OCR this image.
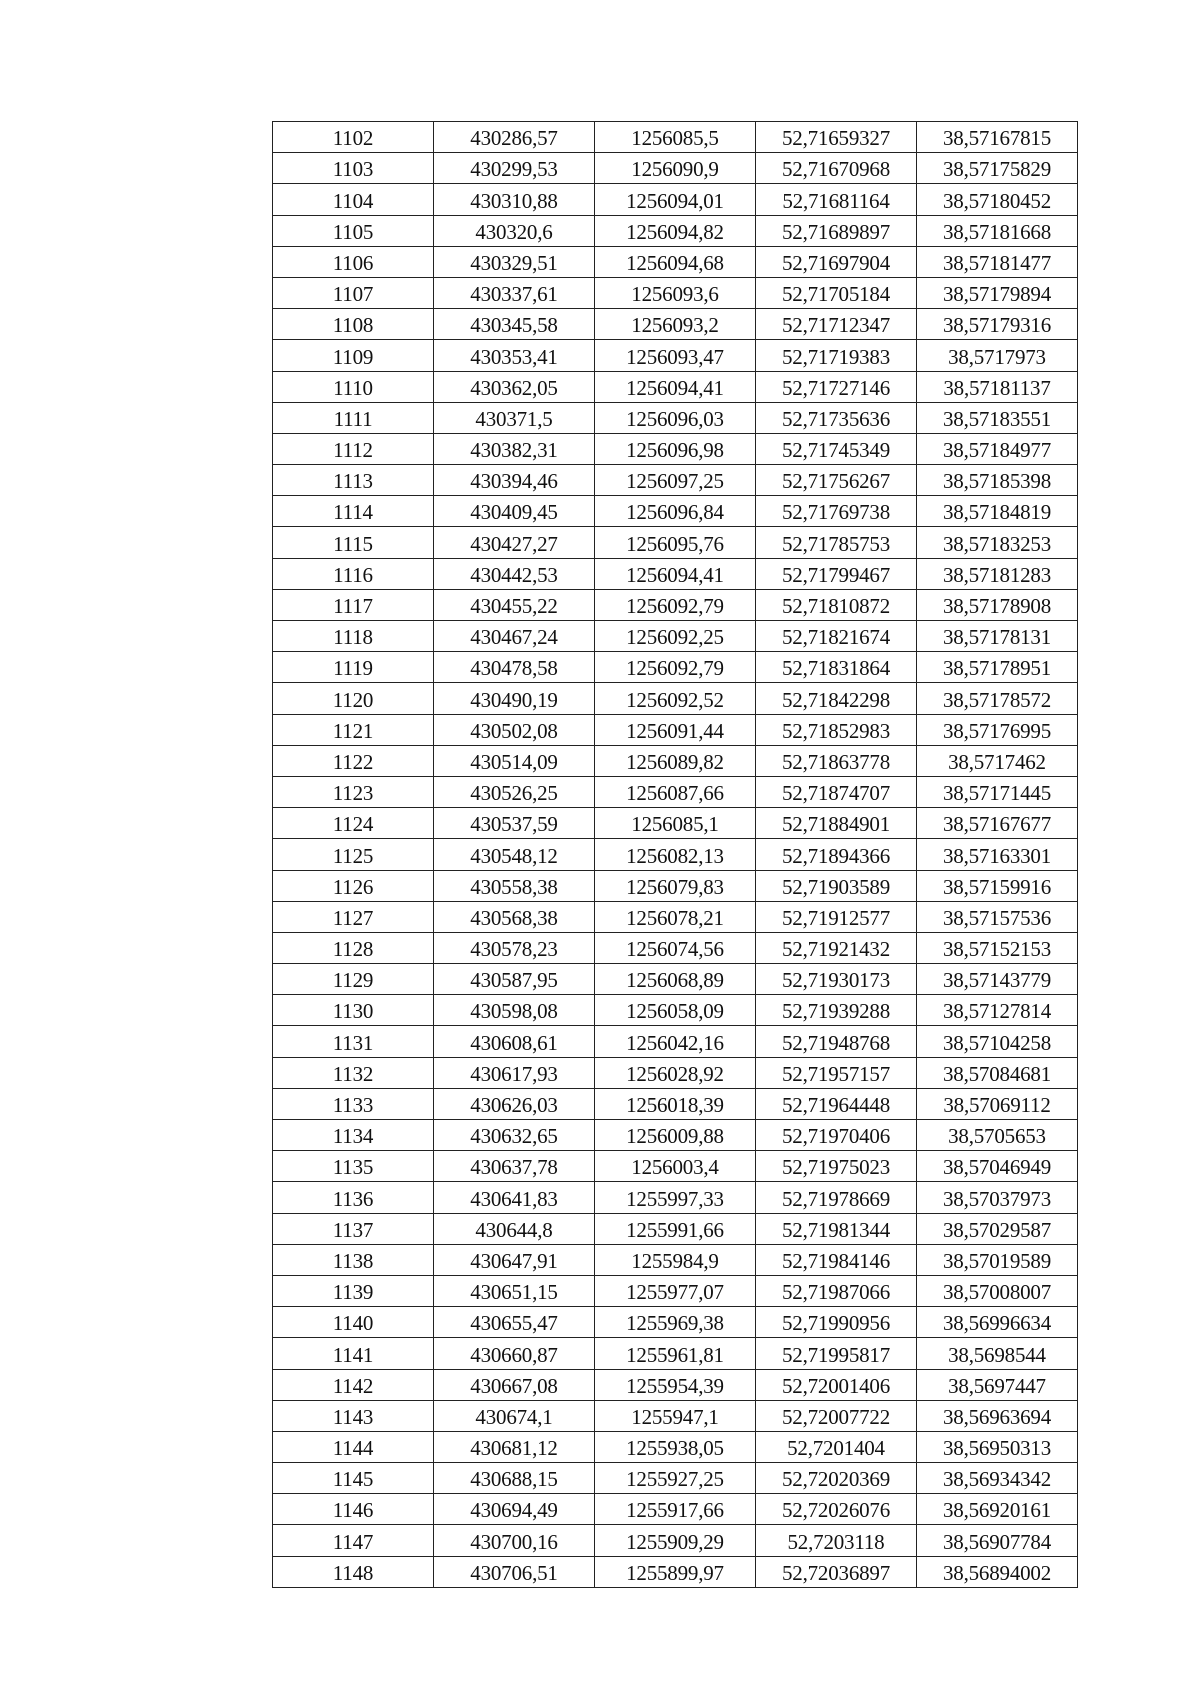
1102	430286,57	1256085,5	52,71659327	38,57167815
1103	430299,53	1256090,9	52,71670968	38,57175829
1104	430310,88	1256094,01	52,71681164	38,57180452
1105	430320,6	1256094,82	52,71689897	38,57181668
1106	430329,51	1256094,68	52,71697904	38,57181477
1107	430337,61	1256093,6	52,71705184	38,57179894
1108	430345,58	1256093,2	52,71712347	38,57179316
1109	430353,41	1256093,47	52,71719383	38,5717973
1110	430362,05	1256094,41	52,71727146	38,57181137
1111	430371,5	1256096,03	52,71735636	38,57183551
1112	430382,31	1256096,98	52,71745349	38,57184977
1113	430394,46	1256097,25	52,71756267	38,57185398
1114	430409,45	1256096,84	52,71769738	38,57184819
1115	430427,27	1256095,76	52,71785753	38,57183253
1116	430442,53	1256094,41	52,71799467	38,57181283
1117	430455,22	1256092,79	52,71810872	38,57178908
1118	430467,24	1256092,25	52,71821674	38,57178131
1119	430478,58	1256092,79	52,71831864	38,57178951
1120	430490,19	1256092,52	52,71842298	38,57178572
1121	430502,08	1256091,44	52,71852983	38,57176995
1122	430514,09	1256089,82	52,71863778	38,5717462
1123	430526,25	1256087,66	52,71874707	38,57171445
1124	430537,59	1256085,1	52,71884901	38,57167677
1125	430548,12	1256082,13	52,71894366	38,57163301
1126	430558,38	1256079,83	52,71903589	38,57159916
1127	430568,38	1256078,21	52,71912577	38,57157536
1128	430578,23	1256074,56	52,71921432	38,57152153
1129	430587,95	1256068,89	52,71930173	38,57143779
1130	430598,08	1256058,09	52,71939288	38,57127814
1131	430608,61	1256042,16	52,71948768	38,57104258
1132	430617,93	1256028,92	52,71957157	38,57084681
1133	430626,03	1256018,39	52,71964448	38,57069112
1134	430632,65	1256009,88	52,71970406	38,5705653
1135	430637,78	1256003,4	52,71975023	38,57046949
1136	430641,83	1255997,33	52,71978669	38,57037973
1137	430644,8	1255991,66	52,71981344	38,57029587
1138	430647,91	1255984,9	52,71984146	38,57019589
1139	430651,15	1255977,07	52,71987066	38,57008007
1140	430655,47	1255969,38	52,71990956	38,56996634
1141	430660,87	1255961,81	52,71995817	38,5698544
1142	430667,08	1255954,39	52,72001406	38,5697447
1143	430674,1	1255947,1	52,72007722	38,56963694
1144	430681,12	1255938,05	52,7201404	38,56950313
1145	430688,15	1255927,25	52,72020369	38,56934342
1146	430694,49	1255917,66	52,72026076	38,56920161
1147	430700,16	1255909,29	52,7203118	38,56907784
1148	430706,51	1255899,97	52,72036897	38,56894002
